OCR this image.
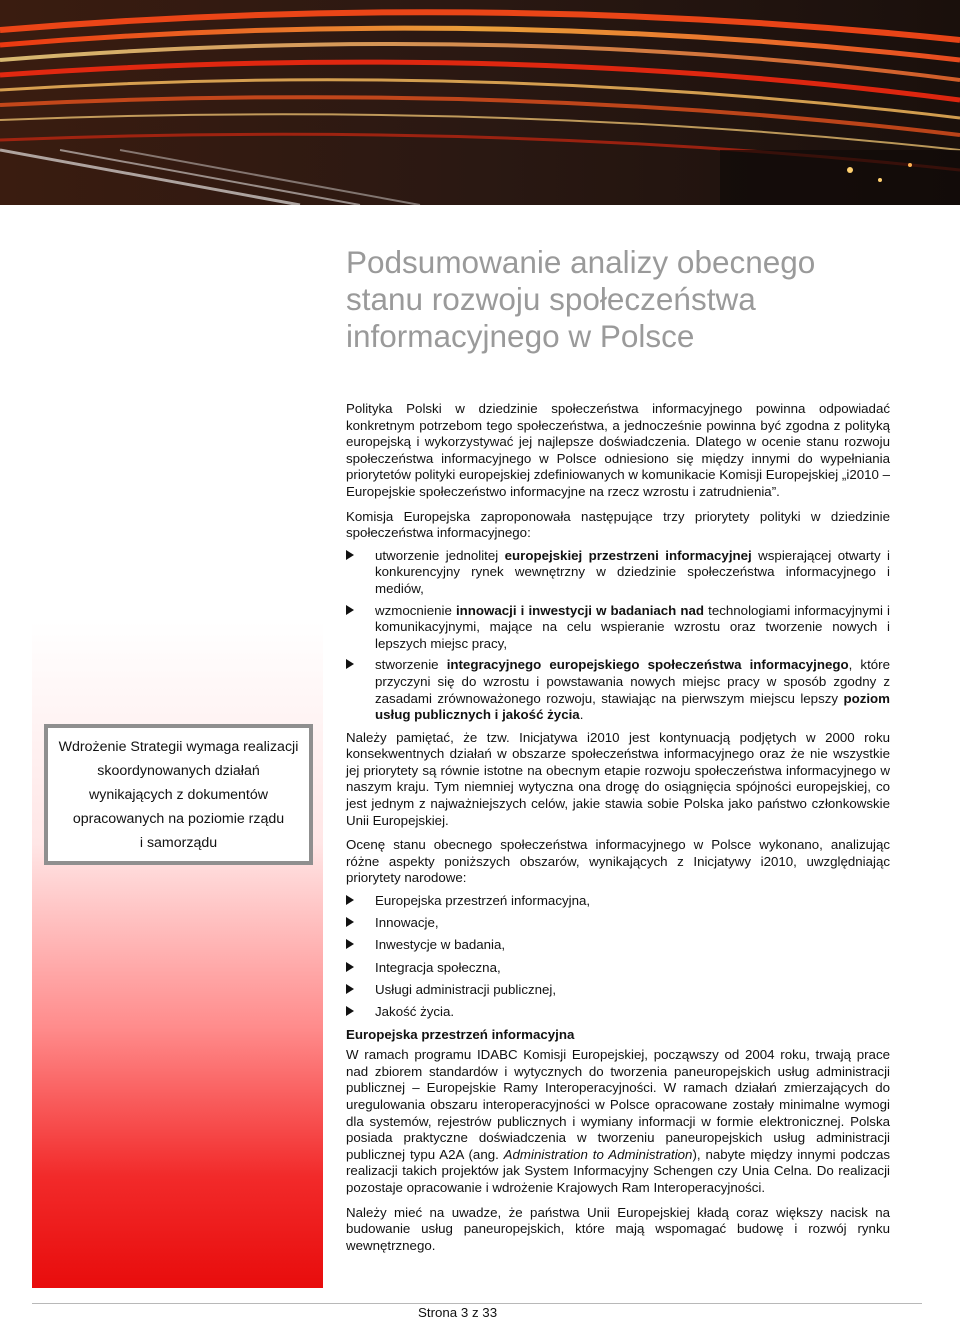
Wdrożenie Strategii wymaga realizacji
skoordynowanych działań
wynikających z dokumentów
opracowanych na poziomie rządu
i samorządu
Podsumowanie analizy obecnego
stanu rozwoju społeczeństwa
informacyjnego w Polsce

Polityka Polski w dziedzinie społeczeństwa informacyjnego powinna odpowiadać konkretnym potrzebom tego społeczeństwa, a jednocześnie powinna być zgodna z polityką europejską i wykorzystywać jej najlepsze doświadczenia. Dlatego w ocenie stanu rozwoju społeczeństwa informacyjnego w Polsce odniesiono się między innymi do wypełniania priorytetów polityki europejskiej zdefiniowanych w komunikacie Komisji Europejskiej „i2010 – Europejskie społeczeństwo informacyjne na rzecz wzrostu i zatrudnienia”.

Komisja Europejska zaproponowała następujące trzy priorytety polityki w dziedzinie społeczeństwa informacyjnego:

utworzenie jednolitej europejskiej przestrzeni informacyjnej wspierającej otwarty i konkurencyjny rynek wewnętrzny w dziedzinie społeczeństwa informacyjnego i mediów,
wzmocnienie innowacji i inwestycji w badaniach nad technologiami informacyjnymi i komunikacyjnymi, mające na celu wspieranie wzrostu oraz tworzenie nowych i lepszych miejsc pracy,
stworzenie integracyjnego europejskiego społeczeństwa informacyjnego, które przyczyni się do wzrostu i powstawania nowych miejsc pracy w sposób zgodny z zasadami zrównoważonego rozwoju, stawiając na pierwszym miejscu lepszy poziom usług publicznych i jakość życia.

Należy pamiętać, że tzw. Inicjatywa i2010 jest kontynuacją podjętych w 2000 roku konsekwentnych działań w obszarze społeczeństwa informacyjnego oraz że nie wszystkie jej priorytety są równie istotne na obecnym etapie rozwoju społeczeństwa informacyjnego w naszym kraju. Tym niemniej wytyczna ona drogę do osiągnięcia spójności europejskiej, co jest jednym z najważniejszych celów, jakie stawia sobie Polska jako państwo członkowskie Unii Europejskiej.

Ocenę stanu obecnego społeczeństwa informacyjnego w Polsce wykonano, analizując różne aspekty poniższych obszarów, wynikających z Inicjatywy i2010, uwzględniając priorytety narodowe:

Europejska przestrzeń informacyjna,
Innowacje,
Inwestycje w badania,
Integracja społeczna,
Usługi administracji publicznej,
Jakość życia.
Europejska przestrzeń informacyjna

W ramach programu IDABC Komisji Europejskiej, począwszy od 2004 roku, trwają prace nad zbiorem standardów i wytycznych do tworzenia paneuropejskich usług administracji publicznej – Europejskie Ramy Interoperacyjności. W ramach działań zmierzających do uregulowania obszaru interoperacyjności w Polsce opracowane zostały minimalne wymogi dla systemów, rejestrów publicznych i wymiany informacji w formie elektronicznej. Polska posiada praktyczne doświadczenia w tworzeniu paneuropejskich usług administracji publicznej typu A2A (ang. Administration to Administration), nabyte między innymi podczas realizacji takich projektów jak System Informacyjny Schengen czy Unia Celna. Do realizacji pozostaje opracowanie i wdrożenie Krajowych Ram Interoperacyjności.

Należy mieć na uwadze, że państwa Unii Europejskiej kładą coraz większy nacisk na budowanie usług paneuropejskich, które mają wspomagać budowę i rozwój rynku wewnętrznego.

Strona 3 z 33
